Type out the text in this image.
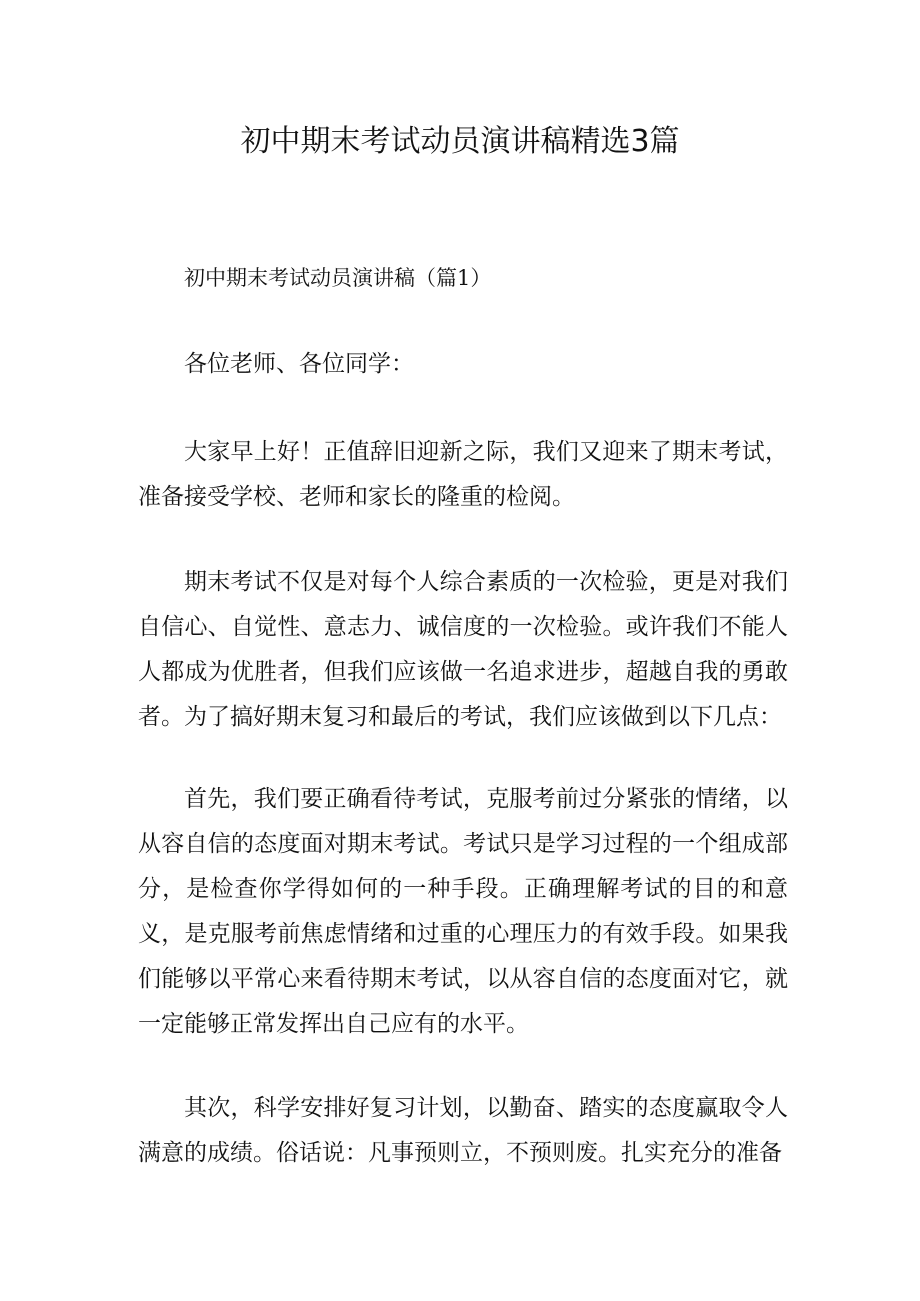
初中期末考试动员演讲稿精选3篇

初中期末考试动员演讲稿（篇1）

各位老师、各位同学：

大家早上好！正值辞旧迎新之际，我们又迎来了期末考试，准备接受学校、老师和家长的隆重的检阅。

期末考试不仅是对每个人综合素质的一次检验，更是对我们自信心、自觉性、意志力、诚信度的一次检验。或许我们不能人人都成为优胜者，但我们应该做一名追求进步，超越自我的勇敢者。为了搞好期末复习和最后的考试，我们应该做到以下几点：

首先，我们要正确看待考试，克服考前过分紧张的情绪，以从容自信的态度面对期末考试。考试只是学习过程的一个组成部分，是检查你学得如何的一种手段。正确理解考试的目的和意义，是克服考前焦虑情绪和过重的心理压力的有效手段。如果我们能够以平常心来看待期末考试，以从容自信的态度面对它，就一定能够正常发挥出自己应有的水平。

其次，科学安排好复习计划，以勤奋、踏实的态度赢取令人满意的成绩。俗话说：凡事预则立，不预则废。扎实充分的准备
